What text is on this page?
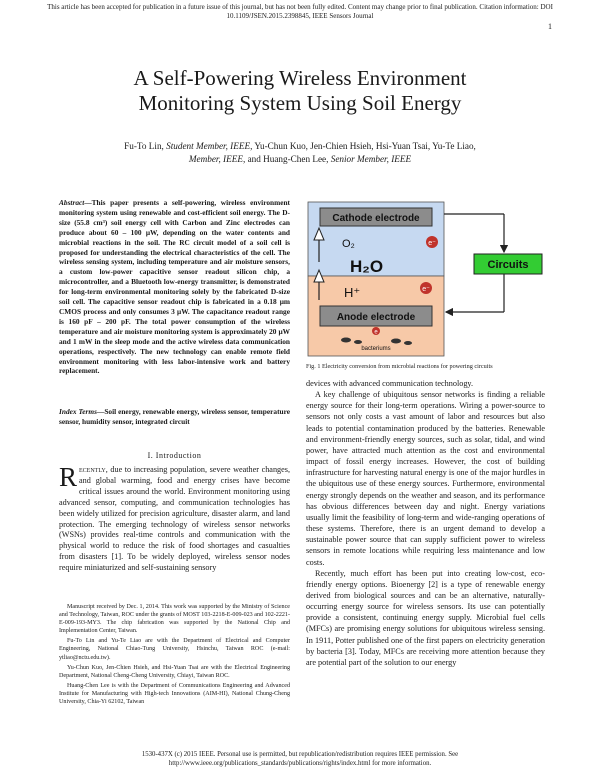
This article has been accepted for publication in a future issue of this journal, but has not been fully edited. Content may change prior to final publication. Citation information: DOI
10.1109/JSEN.2015.2398845, IEEE Sensors Journal
1
A Self-Powering Wireless Environment
Monitoring System Using Soil Energy
Fu-To Lin, Student Member, IEEE, Yu-Chun Kuo, Jen-Chien Hsieh, Hsi-Yuan Tsai, Yu-Te Liao,
Member, IEEE, and Huang-Chen Lee, Senior Member, IEEE

Abstract—This paper presents a self-powering, wireless environment monitoring system using renewable and cost-efficient soil energy. The D-size (55.8 cm³) soil energy cell with Carbon and Zinc electrodes can produce about 60 – 100 μW, depending on the water contents and microbial reactions in the soil. The RC circuit model of a soil cell is proposed for understanding the electrical characteristics of the cell. The wireless sensing system, including temperature and air moisture sensors, a custom low-power capacitive sensor readout silicon chip, a microcontroller, and a Bluetooth low-energy transmitter, is demonstrated for long-term environmental monitoring solely by the fabricated D-size soil cell. The capacitive sensor readout chip is fabricated in a 0.18 μm CMOS process and only consumes 3 μW. The capacitance readout range is 160 pF – 200 pF. The total power consumption of the wireless temperature and air moisture monitoring system is approximately 20 μW and 1 mW in the sleep mode and the active wireless data communication operations, respectively. The new technology can enable remote field environment monitoring with less labor-intensive work and battery replacement.

Index Terms—Soil energy, renewable energy, wireless sensor, temperature sensor, humidity sensor, integrated circuit

I. Introduction

Recently, due to increasing population, severe weather changes, and global warming, food and energy crises have become critical issues around the world. Environment monitoring using advanced sensor, computing, and communication technologies has been widely utilized for precision agriculture, disaster alarm, and land protection. The emerging technology of wireless sensor networks (WSNs) provides real-time controls and communication with the physical world to reduce the risk of food shortages and casualties from disasters [1]. To be widely deployed, wireless sensor nodes require miniaturized and self-sustaining sensory

Manuscript received by Dec. 1, 2014. This work was supported by the Ministry of Science and Technology, Taiwan, ROC under the grants of MOST 103-2218-E-009-023 and 102-2221-E-009-193-MY3. The chip fabrication was supported by the National Chip and Implementation Center, Taiwan.

Fu-To Lin and Yu-Te Liao are with the Department of Electrical and Computer Engineering, National Chiao-Tung University, Hsinchu, Taiwan ROC (e-mail: ytliao@nctu.edu.tw).

Yu-Chun Kuo, Jen-Chien Hsieh, and Hsi-Yuan Tsai are with the Electrical Engineering Department, National Cheng-Cheng University, Chiayi, Taiwan ROC.

Huang-Chen Lee is with the Department of Communications Engineering and Advanced Institute for Manufacturing with High-tech Innovations (AIM-HI), National Chung-Cheng University, Chia-Yi 62102, Taiwan

Cathode electrode
Anode electrode
O₂
H₂O
H⁺
e⁻
e⁻
e
bacteriums
Circuits
Fig. 1 Electricity conversion from microbial reactions for powering circuits

devices with advanced communication technology.

A key challenge of ubiquitous sensor networks is finding a reliable energy source for their long-term operations. Wiring a power-source to sensors not only costs a vast amount of labor and resources but also leads to potential contamination produced by the batteries. Renewable and environment-friendly energy sources, such as solar, tidal, and wind power, have attracted much attention as the cost and environmental impact of fossil energy increases. However, the cost of building infrastructure for harvesting natural energy is one of the major hurdles in the ubiquitous use of these energy sources. Furthermore, environmental energy strongly depends on the weather and season, and its performance has obvious differences between day and night. Energy variations usually limit the feasibility of long-term and wide-ranging operations of these systems. Therefore, there is an urgent demand to develop a sustainable power source that can supply sufficient power to wireless sensors in remote locations while requiring less maintenance and low costs.

Recently, much effort has been put into creating low-cost, eco-friendly energy options. Bioenergy [2] is a type of renewable energy derived from biological sources and can be an alternative, naturally-occurring energy source for wireless sensors. Its use can potentially provide a consistent, continuing energy supply. Microbial fuel cells (MFCs) are promising energy solutions for ubiquitous wireless sensing. In 1911, Potter published one of the first papers on electricity generation by bacteria [3]. Today, MFCs are receiving more attention because they are potential part of the solution to our energy

1530-437X (c) 2015 IEEE. Personal use is permitted, but republication/redistribution requires IEEE permission. See
http://www.ieee.org/publications_standards/publications/rights/index.html for more information.
